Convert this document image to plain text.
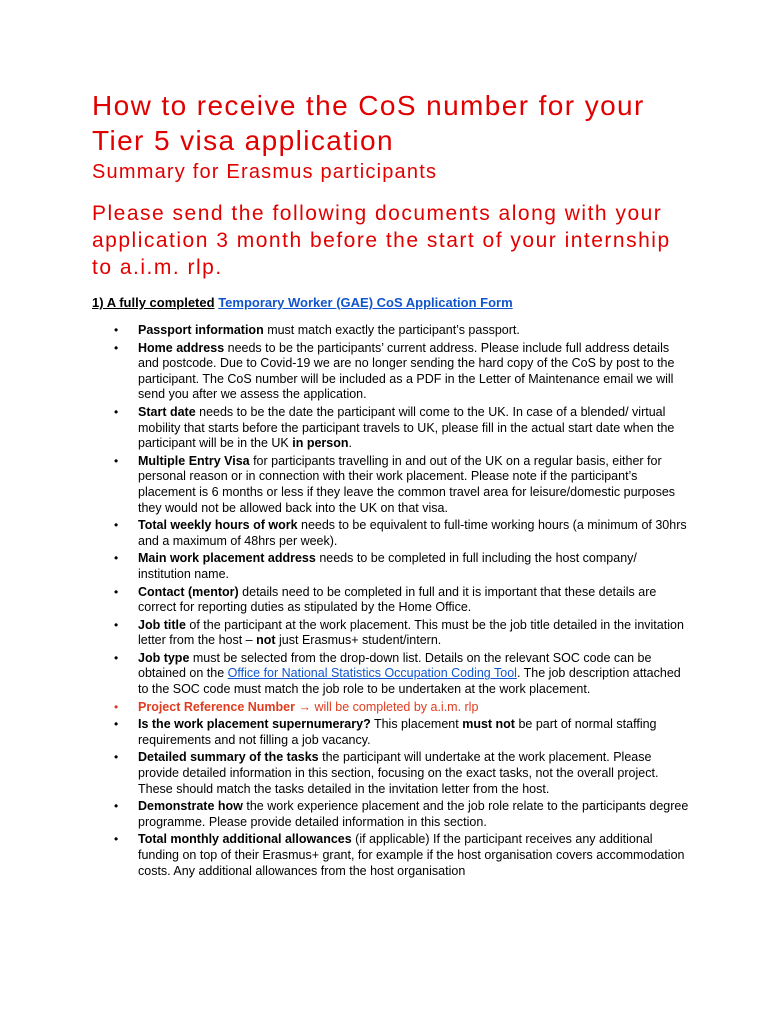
How to receive the CoS number for your Tier 5 visa application
Summary for Erasmus participants
Please send the following documents along with your application 3 month before the start of your internship to a.i.m. rlp.
1) A fully completed Temporary Worker (GAE) CoS Application Form
• Passport information must match exactly the participant’s passport.
• Home address needs to be the participants’ current address. Please include full address details and postcode. Due to Covid-19 we are no longer sending the hard copy of the CoS by post to the participant. The CoS number will be included as a PDF in the Letter of Maintenance email we will send you after we assess the application.
• Start date needs to be the date the participant will come to the UK. In case of a blended/ virtual mobility that starts before the participant travels to UK, please fill in the actual start date when the participant will be in the UK in person.
• Multiple Entry Visa for participants travelling in and out of the UK on a regular basis, either for personal reason or in connection with their work placement. Please note if the participant’s placement is 6 months or less if they leave the common travel area for leisure/domestic purposes they would not be allowed back into the UK on that visa.
• Total weekly hours of work needs to be equivalent to full-time working hours (a minimum of 30hrs and a maximum of 48hrs per week).
• Main work placement address needs to be completed in full including the host company/ institution name.
• Contact (mentor) details need to be completed in full and it is important that these details are correct for reporting duties as stipulated by the Home Office.
• Job title of the participant at the work placement. This must be the job title detailed in the invitation letter from the host – not just Erasmus+ student/intern.
• Job type must be selected from the drop-down list. Details on the relevant SOC code can be obtained on the Office for National Statistics Occupation Coding Tool. The job description attached to the SOC code must match the job role to be undertaken at the work placement.
• Project Reference Number → will be completed by a.i.m. rlp
• Is the work placement supernumerary? This placement must not be part of normal staffing requirements and not filling a job vacancy.
• Detailed summary of the tasks the participant will undertake at the work placement. Please provide detailed information in this section, focusing on the exact tasks, not the overall project. These should match the tasks detailed in the invitation letter from the host.
• Demonstrate how the work experience placement and the job role relate to the participants degree programme. Please provide detailed information in this section.
• Total monthly additional allowances (if applicable) If the participant receives any additional funding on top of their Erasmus+ grant, for example if the host organisation covers accommodation costs. Any additional allowances from the host organisation
